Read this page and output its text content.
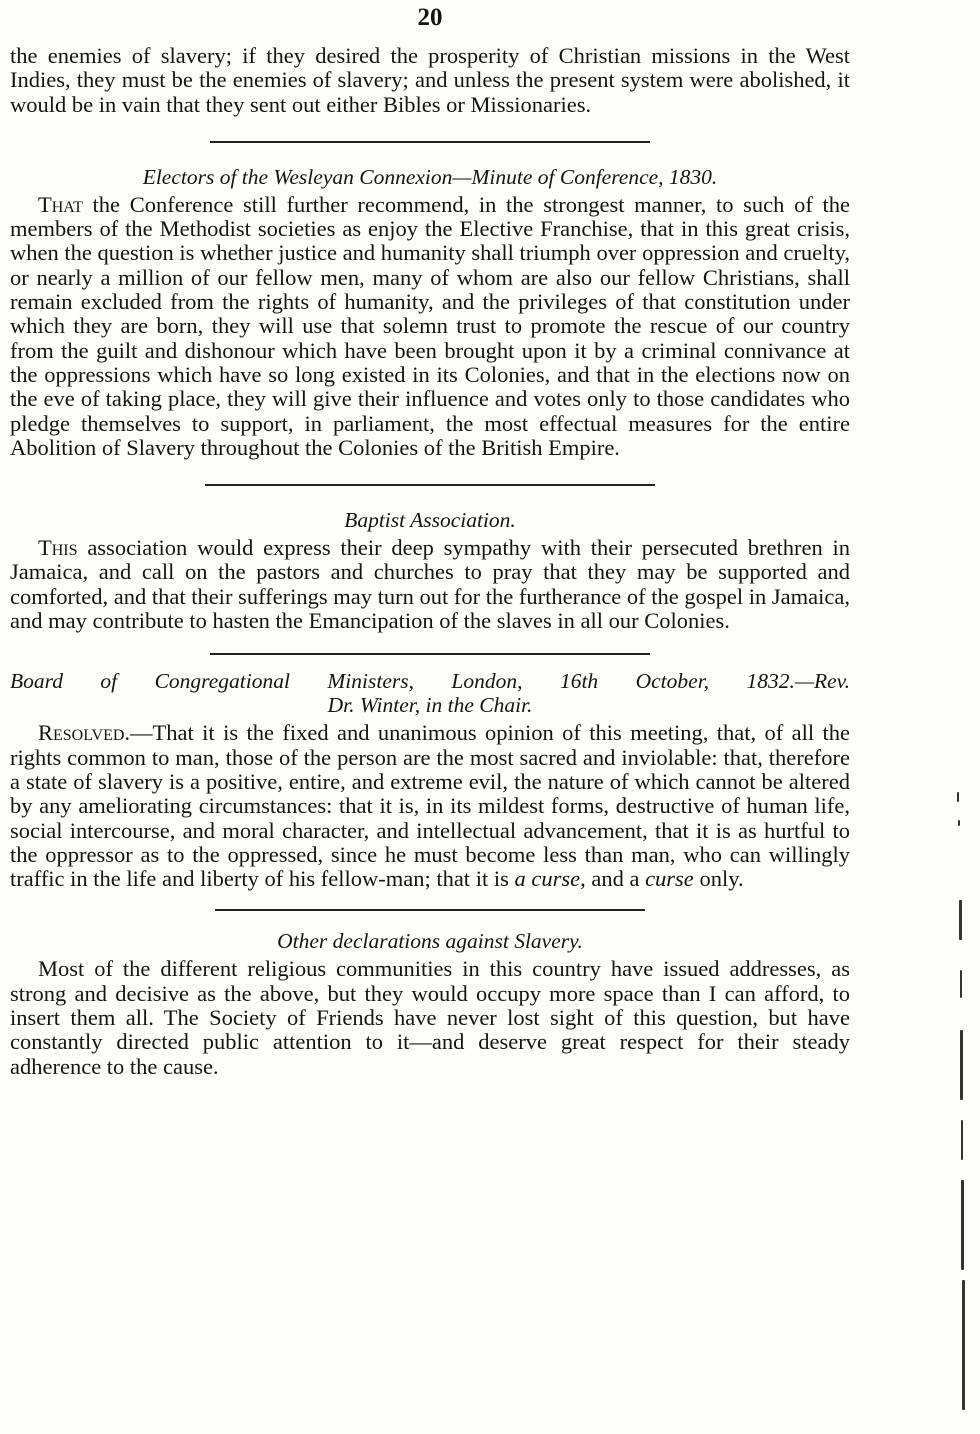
20

the enemies of slavery; if they desired the prosperity of Christian missions in the West Indies, they must be the enemies of slavery; and unless the present system were abolished, it would be in vain that they sent out either Bibles or Missionaries.

Electors of the Wesleyan Connexion—Minute of Conference, 1830.

That the Conference still further recommend, in the strongest manner, to such of the members of the Methodist societies as enjoy the Elective Franchise, that in this great crisis, when the question is whether justice and humanity shall triumph over oppression and cruelty, or nearly a million of our fellow men, many of whom are also our fellow Christians, shall remain excluded from the rights of humanity, and the privileges of that constitution under which they are born, they will use that solemn trust to promote the rescue of our country from the guilt and dishonour which have been brought upon it by a criminal connivance at the oppressions which have so long existed in its Colonies, and that in the elections now on the eve of taking place, they will give their influence and votes only to those candidates who pledge themselves to support, in parliament, the most effectual measures for the entire Abolition of Slavery throughout the Colonies of the British Empire.

Baptist Association.

This association would express their deep sympathy with their persecuted brethren in Jamaica, and call on the pastors and churches to pray that they may be supported and comforted, and that their sufferings may turn out for the furtherance of the gospel in Jamaica, and may contribute to hasten the Emancipation of the slaves in all our Colonies.

Board of Congregational Ministers, London, 16th October, 1832.—Rev.
Dr. Winter, in the Chair.

Resolved.—That it is the fixed and unanimous opinion of this meeting, that, of all the rights common to man, those of the person are the most sacred and inviolable: that, therefore a state of slavery is a positive, entire, and extreme evil, the nature of which cannot be altered by any ameliorating circumstances: that it is, in its mildest forms, destructive of human life, social intercourse, and moral character, and intellectual advancement, that it is as hurtful to the oppressor as to the oppressed, since he must become less than man, who can willingly traffic in the life and liberty of his fellow-man; that it is a curse, and a curse only.

Other declarations against Slavery.

Most of the different religious communities in this country have issued addresses, as strong and decisive as the above, but they would occupy more space than I can afford, to insert them all. The Society of Friends have never lost sight of this question, but have constantly directed public attention to it—and deserve great respect for their steady adherence to the cause.
